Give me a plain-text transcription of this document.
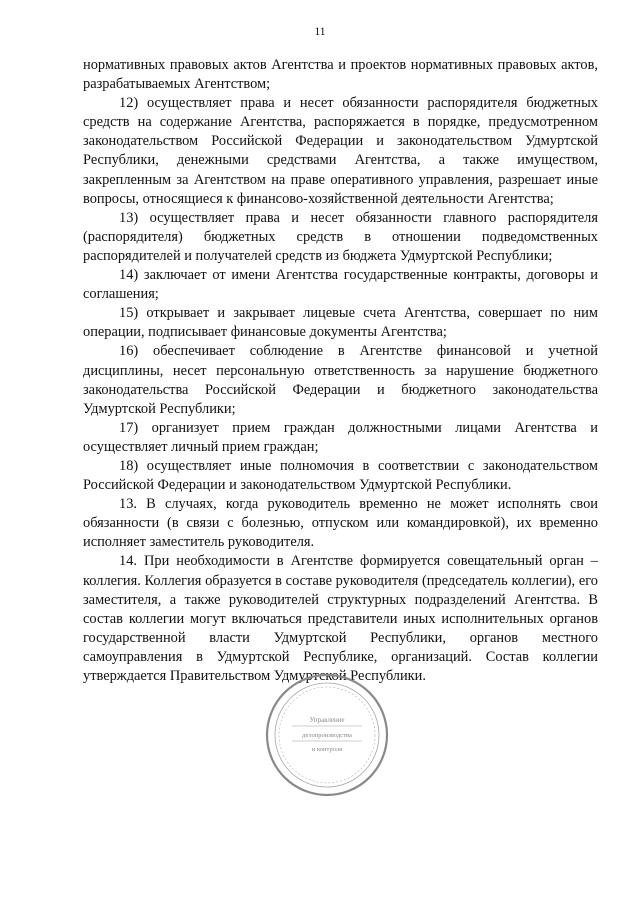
11

нормативных правовых актов Агентства и проектов нормативных правовых актов, разрабатываемых Агентством;

12) осуществляет права и несет обязанности распорядителя бюджетных средств на содержание Агентства, распоряжается в порядке, предусмотренном законодательством Российской Федерации и законодательством Удмуртской Республики, денежными средствами Агентства, а также имуществом, закрепленным за Агентством на праве оперативного управления, разрешает иные вопросы, относящиеся к финансово-хозяйственной деятельности Агентства;

13) осуществляет права и несет обязанности главного распорядителя (распорядителя) бюджетных средств в отношении подведомственных распорядителей и получателей средств из бюджета Удмуртской Республики;

14) заключает от имени Агентства государственные контракты, договоры и соглашения;

15) открывает и закрывает лицевые счета Агентства, совершает по ним операции, подписывает финансовые документы Агентства;

16) обеспечивает соблюдение в Агентстве финансовой и учетной дисциплины, несет персональную ответственность за нарушение бюджетного законодательства Российской Федерации и бюджетного законодательства Удмуртской Республики;

17) организует прием граждан должностными лицами Агентства и осуществляет личный прием граждан;

18) осуществляет иные полномочия в соответствии с законодательством Российской Федерации и законодательством Удмуртской Республики.

13. В случаях, когда руководитель временно не может исполнять свои обязанности (в связи с болезнью, отпуском или командировкой), их временно исполняет заместитель руководителя.

14. При необходимости в Агентстве формируется совещательный орган – коллегия. Коллегия образуется в составе руководителя (председатель коллегии), его заместителя, а также руководителей структурных подразделений Агентства. В состав коллегии могут включаться представители иных исполнительных органов государственной власти Удмуртской Республики, органов местного самоуправления в Удмуртской Республике, организаций. Состав коллегии утверждается Правительством Удмуртской Республики.

Управление
делопроизводства
и контроля
